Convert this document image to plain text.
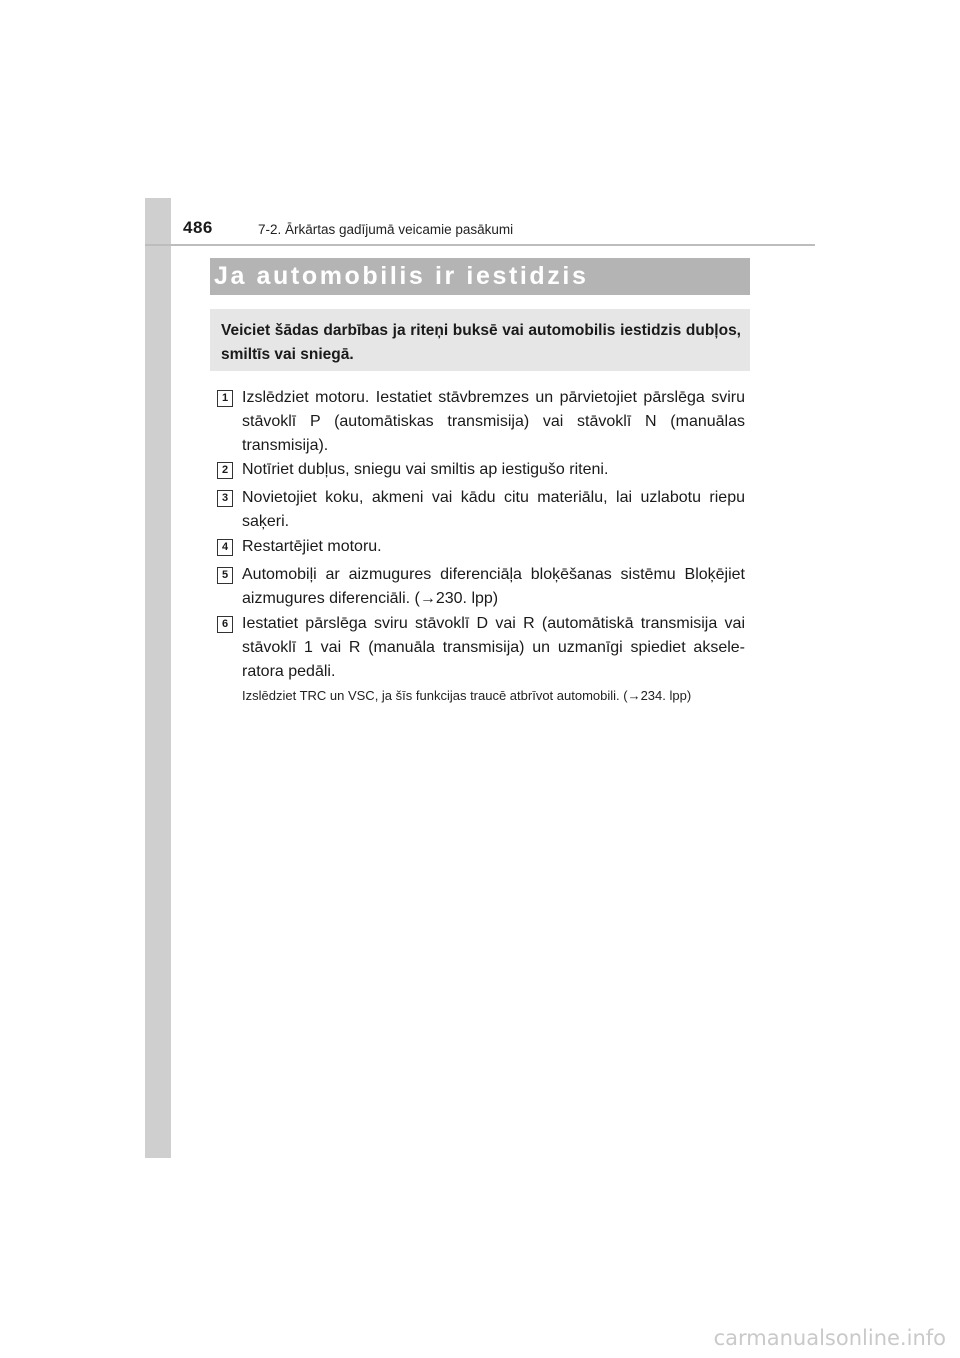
486	7-2. Ārkārtas gadījumā veicamie pasākumi
Ja automobilis ir iestidzis
Veiciet šādas darbības ja riteņi buksē vai automobilis iestidzis dubļos, smiltīs vai sniegā.
1 Izslēdziet motoru. Iestatiet stāvbremzes un pārvietojiet pārslēga sviru stāvoklī P (automātiskas transmisija) vai stāvoklī N (manuālas transmisija).
2 Notīriet dubļus, sniegu vai smiltis ap iestigušo riteni.
3 Novietojiet koku, akmeni vai kādu citu materiālu, lai uzlabotu riepu saķeri.
4 Restartējiet motoru.
5 Automobiļi ar aizmugures diferenciāļa bloķēšanas sistēmu Bloķējiet aizmugures diferenciāli. (→230. lpp)
6 Iestatiet pārslēga sviru stāvoklī D vai R (automātiskā transmisija vai stāvoklī 1 vai R (manuāla transmisija) un uzmanīgi spiediet aksele-ratora pedāli.
Izslēdziet TRC un VSC, ja šīs funkcijas traucē atbrīvot automobili. (→234. lpp)
carmanualsonline.info
